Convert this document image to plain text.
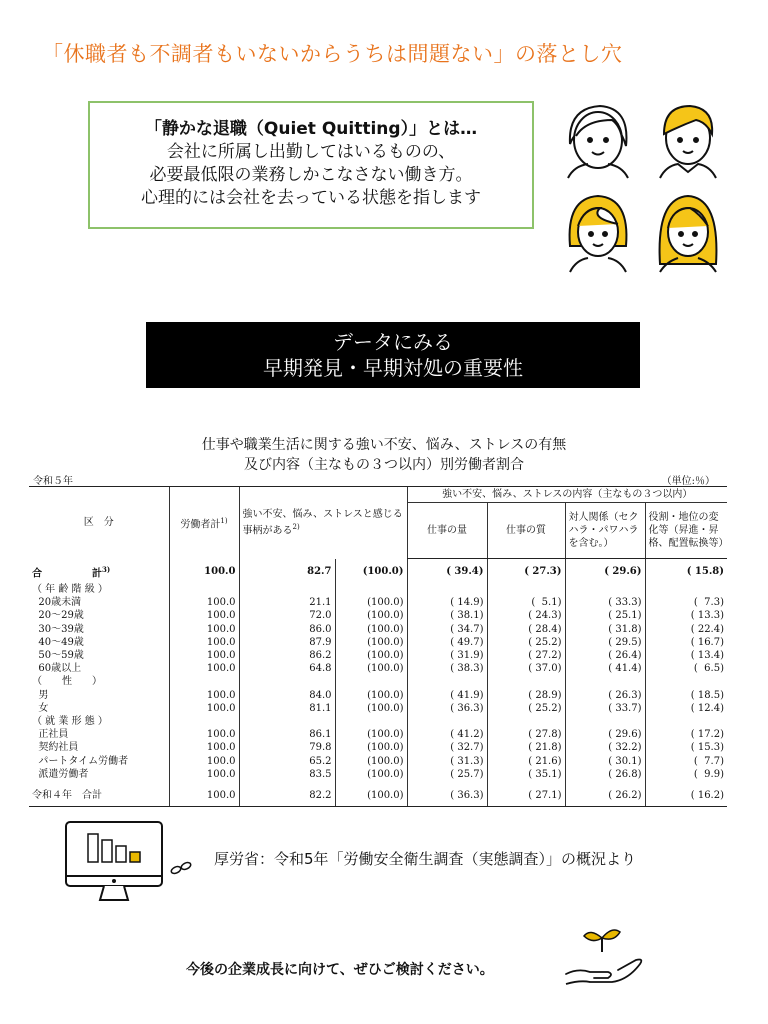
「休職者も不調者もいないからうちは問題ない」の落とし穴
「静かな退職（Quiet Quitting）」とは…
会社に所属し出勤してはいるものの、
必要最低限の業務しかこなさない働き方。
心理的には会社を去っている状態を指します
データにみる
早期発見・早期対処の重要性
仕事や職業生活に関する強い不安、悩み、ストレスの有無
及び内容（主なもの３つ以内）別労働者割合
令和５年	（単位:％）
区　分	労働者計$^{1)}$	強い不安、悩み、ストレスと感じる事柄がある$^{2)}$		強い不安、悩み、ストレスの内容（主なもの３つ以内）			
				仕事の量	仕事の質	対人関係（セクハラ・パワハラを含む。）	役割・地位の変化等（昇進・昇格、配置転換等）
合　　　　　計$^{3)}$	100.0	82.7	(100.0)	( 39.4)	( 27.3)	( 29.6)	( 15.8)
（ 年 齢 階 級 ）							
20歳未満	100.0	21.1	(100.0)	( 14.9)	(  5.1)	( 33.3)	(  7.3)
20～29歳	100.0	72.0	(100.0)	( 38.1)	( 24.3)	( 25.1)	( 13.3)
30～39歳	100.0	86.0	(100.0)	( 34.7)	( 28.4)	( 31.8)	( 22.4)
40～49歳	100.0	87.9	(100.0)	( 49.7)	( 25.2)	( 29.5)	( 16.7)
50～59歳	100.0	86.2	(100.0)	( 31.9)	( 27.2)	( 26.4)	( 13.4)
60歳以上	100.0	64.8	(100.0)	( 38.3)	( 37.0)	( 41.4)	(  6.5)
（　　性　　）							
男	100.0	84.0	(100.0)	( 41.9)	( 28.9)	( 26.3)	( 18.5)
女	100.0	81.1	(100.0)	( 36.3)	( 25.2)	( 33.7)	( 12.4)
（ 就 業 形 態 ）							
正社員	100.0	86.1	(100.0)	( 41.2)	( 27.8)	( 29.6)	( 17.2)
契約社員	100.0	79.8	(100.0)	( 32.7)	( 21.8)	( 32.2)	( 15.3)
パートタイム労働者	100.0	65.2	(100.0)	( 31.3)	( 21.6)	( 30.1)	(  7.7)
派遣労働者	100.0	83.5	(100.0)	( 25.7)	( 35.1)	( 26.8)	(  9.9)
令和４年　合計	100.0	82.2	(100.0)	( 36.3)	( 27.1)	( 26.2)	( 16.2)
厚労省：令和5年「労働安全衛生調査（実態調査）」の概況より
今後の企業成長に向けて、ぜひご検討ください。
